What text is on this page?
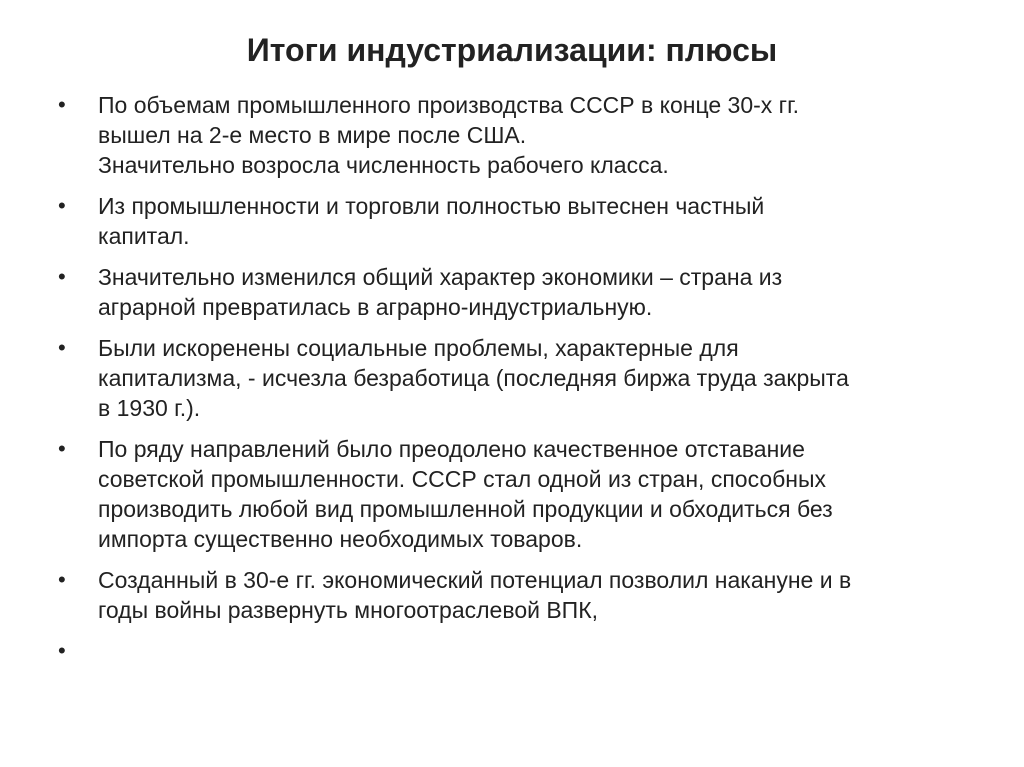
Итоги индустриализации: плюсы
•	По объемам промышленного производства СССР в конце 30-х гг.
вышел на 2-е место в мире после США.
Значительно возросла численность рабочего класса.
•	Из промышленности и торговли полностью вытеснен частный
капитал.
•	Значительно изменился общий характер экономики – страна из
аграрной превратилась в аграрно-индустриальную.
•	Были искоренены социальные проблемы, характерные для
капитализма, - исчезла безработица (последняя биржа труда закрыта
в 1930 г.).
•	По ряду направлений было преодолено качественное отставание
советской промышленности. СССР стал одной из стран, способных
производить любой вид промышленной продукции и обходиться без
импорта существенно необходимых товаров.
•	Созданный в 30-е гг. экономический потенциал позволил накануне и в
годы войны развернуть многоотраслевой ВПК,
•
